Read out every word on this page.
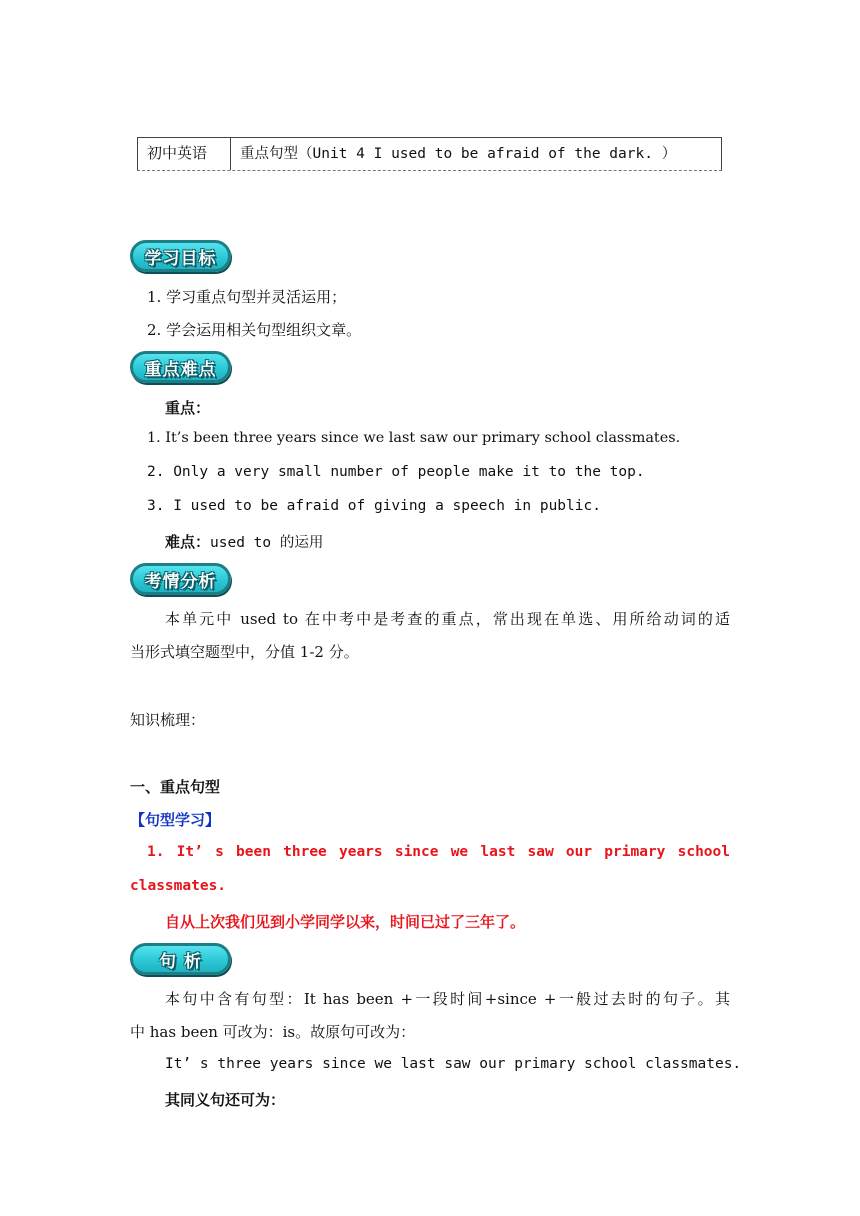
初中英语	重点句型（Unit 4 I used to be afraid of the dark. ）
学习目标
1. 学习重点句型并灵活运用；
2. 学会运用相关句型组织文章。
重点难点
重点：
1. It’s been three years since we last saw our primary school classmates.
2. Only a very small number of people make it to the top.
3. I used to be afraid of giving a speech in public.
难点：used to 的运用
考情分析
本单元中 used to 在中考中是考查的重点，常出现在单选、用所给动词的适
当形式填空题型中，分值 1-2 分。
知识梳理：
一、重点句型
【句型学习】
1. It’ s been three years since we last saw our primary school
classmates.
自从上次我们见到小学同学以来，时间已过了三年了。
句 析
本句中含有句型：It has been +一段时间+since +一般过去时的句子。其
中 has been 可改为：is。故原句可改为：
It’ s three years since we last saw our primary school classmates.
其同义句还可为：
